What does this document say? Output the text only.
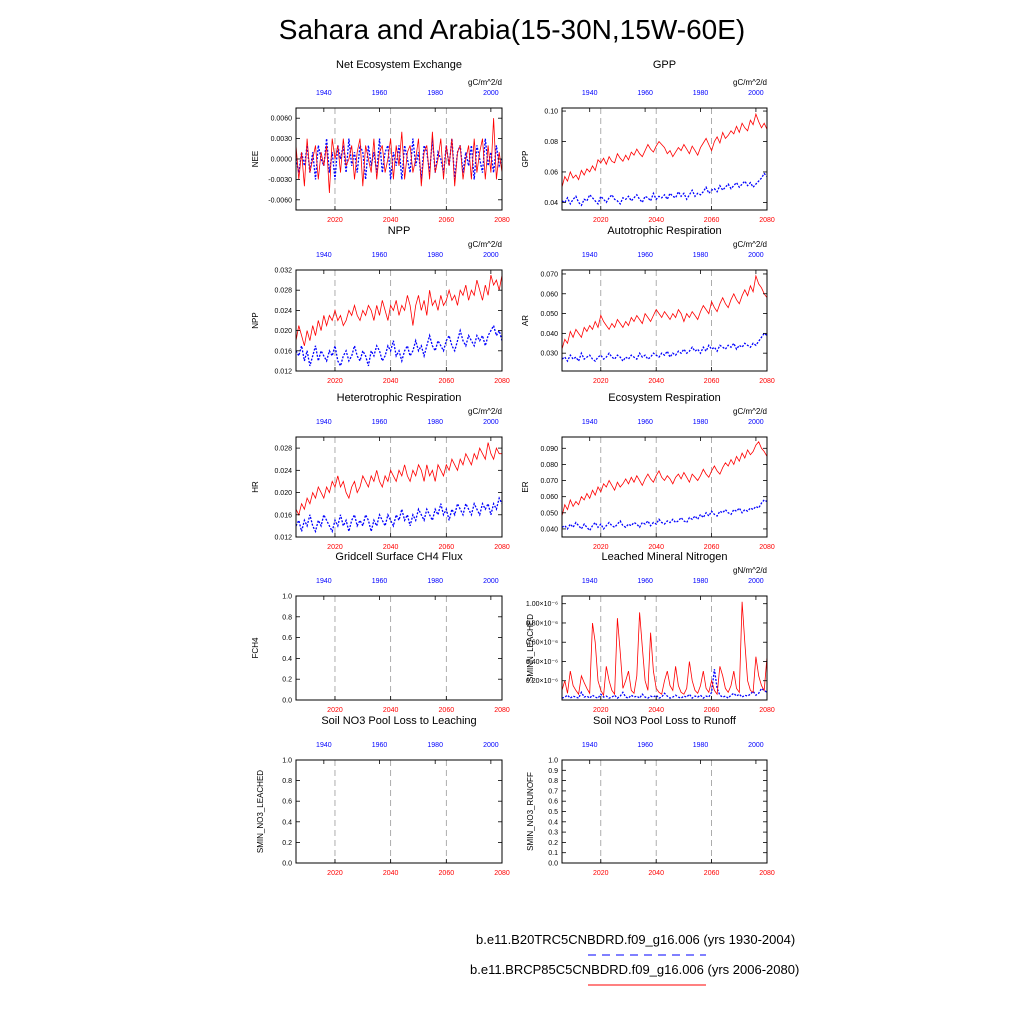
Sahara and Arabia(15-30N,15W-60E)
Net Ecosystem Exchange
gC/m^2/d
0.0060
0.0030
0.0000
-0.0030
-0.0060
NEE
2020	2040	2060	2080
1940	1960	1980	2000
GPP
gC/m^2/d
0.10
0.08
0.06
0.04
GPP
2020	2040	2060	2080
1940	1960	1980	2000
NPP
gC/m^2/d
0.032
0.028
0.024
0.020
0.016
0.012
NPP
2020	2040	2060	2080
1940	1960	1980	2000
Autotrophic Respiration
gC/m^2/d
0.070
0.060
0.050
0.040
0.030
AR
2020	2040	2060	2080
1940	1960	1980	2000
Heterotrophic Respiration
gC/m^2/d
0.028
0.024
0.020
0.016
0.012
HR
2020	2040	2060	2080
1940	1960	1980	2000
Ecosystem Respiration
gC/m^2/d
0.090
0.080
0.070
0.060
0.050
0.040
ER
2020	2040	2060	2080
1940	1960	1980	2000
Gridcell Surface CH4 Flux
1.0
0.8
0.6
0.4
0.2
0.0
FCH4
2020	2040	2060	2080
1940	1960	1980	2000
Leached Mineral Nitrogen
gN/m^2/d
1.00×10⁻⁶
0.80×10⁻⁶
0.60×10⁻⁶
0.40×10⁻⁶
0.20×10⁻⁶
SMINN_LEACHED
2020	2040	2060	2080
1940	1960	1980	2000
Soil NO3 Pool Loss to Leaching
1.0
0.8
0.6
0.4
0.2
0.0
SMIN_NO3_LEACHED
2020	2040	2060	2080
1940	1960	1980	2000
Soil NO3 Pool Loss to Runoff
1.0
0.9
0.8
0.7
0.6
0.5
0.4
0.3
0.2
0.1
0.0
SMIN_NO3_RUNOFF
2020	2040	2060	2080
1940	1960	1980	2000
b.e11.B20TRC5CNBDRD.f09_g16.006 (yrs 1930-2004)
b.e11.BRCP85C5CNBDRD.f09_g16.006 (yrs 2006-2080)
